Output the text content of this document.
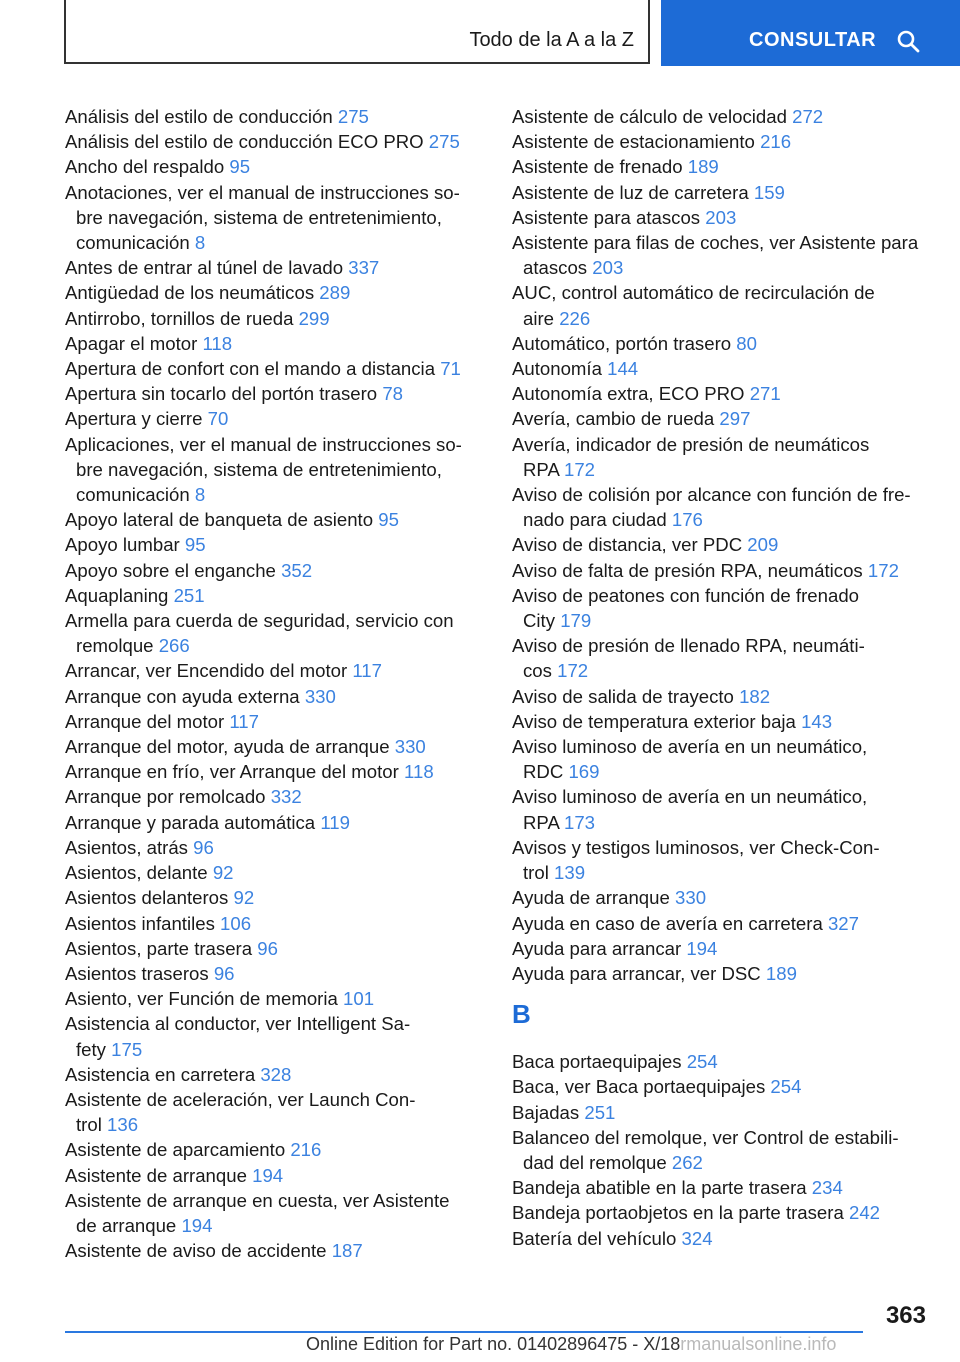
Todo de la A a la Z	CONSULTAR
Análisis del estilo de conducción 275
Análisis del estilo de conducción ECO PRO 275
Ancho del respaldo 95
Anotaciones, ver el manual de instrucciones so‐
bre navegación, sistema de entretenimiento,
comunicación 8
Antes de entrar al túnel de lavado 337
Antigüedad de los neumáticos 289
Antirrobo, tornillos de rueda 299
Apagar el motor 118
Apertura de confort con el mando a distancia 71
Apertura sin tocarlo del portón trasero 78
Apertura y cierre 70
Aplicaciones, ver el manual de instrucciones so‐
bre navegación, sistema de entretenimiento,
comunicación 8
Apoyo lateral de banqueta de asiento 95
Apoyo lumbar 95
Apoyo sobre el enganche 352
Aquaplaning 251
Armella para cuerda de seguridad, servicio con
remolque 266
Arrancar, ver Encendido del motor 117
Arranque con ayuda externa 330
Arranque del motor 117
Arranque del motor, ayuda de arranque 330
Arranque en frío, ver Arranque del motor 118
Arranque por remolcado 332
Arranque y parada automática 119
Asientos, atrás 96
Asientos, delante 92
Asientos delanteros 92
Asientos infantiles 106
Asientos, parte trasera 96
Asientos traseros 96
Asiento, ver Función de memoria 101
Asistencia al conductor, ver Intelligent Sa‐
fety 175
Asistencia en carretera 328
Asistente de aceleración, ver Launch Con‐
trol 136
Asistente de aparcamiento 216
Asistente de arranque 194
Asistente de arranque en cuesta, ver Asistente
de arranque 194
Asistente de aviso de accidente 187
Asistente de cálculo de velocidad 272
Asistente de estacionamiento 216
Asistente de frenado 189
Asistente de luz de carretera 159
Asistente para atascos 203
Asistente para filas de coches, ver Asistente para
atascos 203
AUC, control automático de recirculación de
aire 226
Automático, portón trasero 80
Autonomía 144
Autonomía extra, ECO PRO 271
Avería, cambio de rueda 297
Avería, indicador de presión de neumáticos
RPA 172
Aviso de colisión por alcance con función de fre‐
nado para ciudad 176
Aviso de distancia, ver PDC 209
Aviso de falta de presión RPA, neumáticos 172
Aviso de peatones con función de frenado
City 179
Aviso de presión de llenado RPA, neumáti‐
cos 172
Aviso de salida de trayecto 182
Aviso de temperatura exterior baja 143
Aviso luminoso de avería en un neumático,
RDC 169
Aviso luminoso de avería en un neumático,
RPA 173
Avisos y testigos luminosos, ver Check-Con‐
trol 139
Ayuda de arranque 330
Ayuda en caso de avería en carretera 327
Ayuda para arrancar 194
Ayuda para arrancar, ver DSC 189
B
Baca portaequipajes 254
Baca, ver Baca portaequipajes 254
Bajadas 251
Balanceo del remolque, ver Control de estabili‐
dad del remolque 262
Bandeja abatible en la parte trasera 234
Bandeja portaobjetos en la parte trasera 242
Batería del vehículo 324
363
Online Edition for Part no. 01402896475 - X/18rmanualsonline.info
